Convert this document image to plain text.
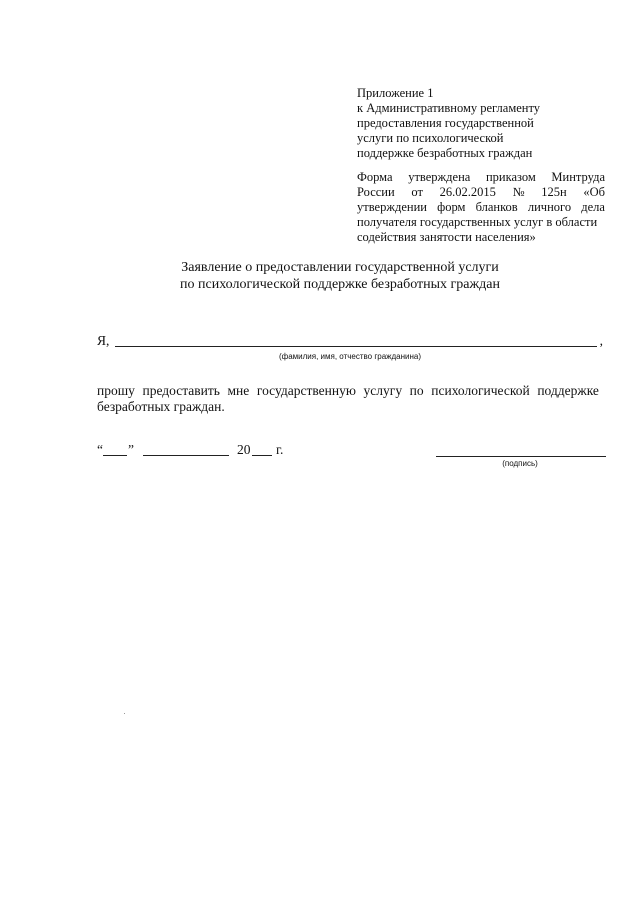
Приложение 1
к Административному регламенту
предоставления государственной
услуги по психологической
поддержке безработных граждан
Форма утверждена приказом Минтруда
России от 26.02.2015 № 125н «Об
утверждении форм бланков личного дела
получателя государственных услуг в области
содействия занятости населения»
Заявление о предоставлении государственной услуги
по психологической поддержке безработных граждан
Я,	,
(фамилия, имя, отчество гражданина)
прошу предоставить мне государственную услугу по психологической поддержке
безработных граждан.
“ ”	20 г.
(подпись)
